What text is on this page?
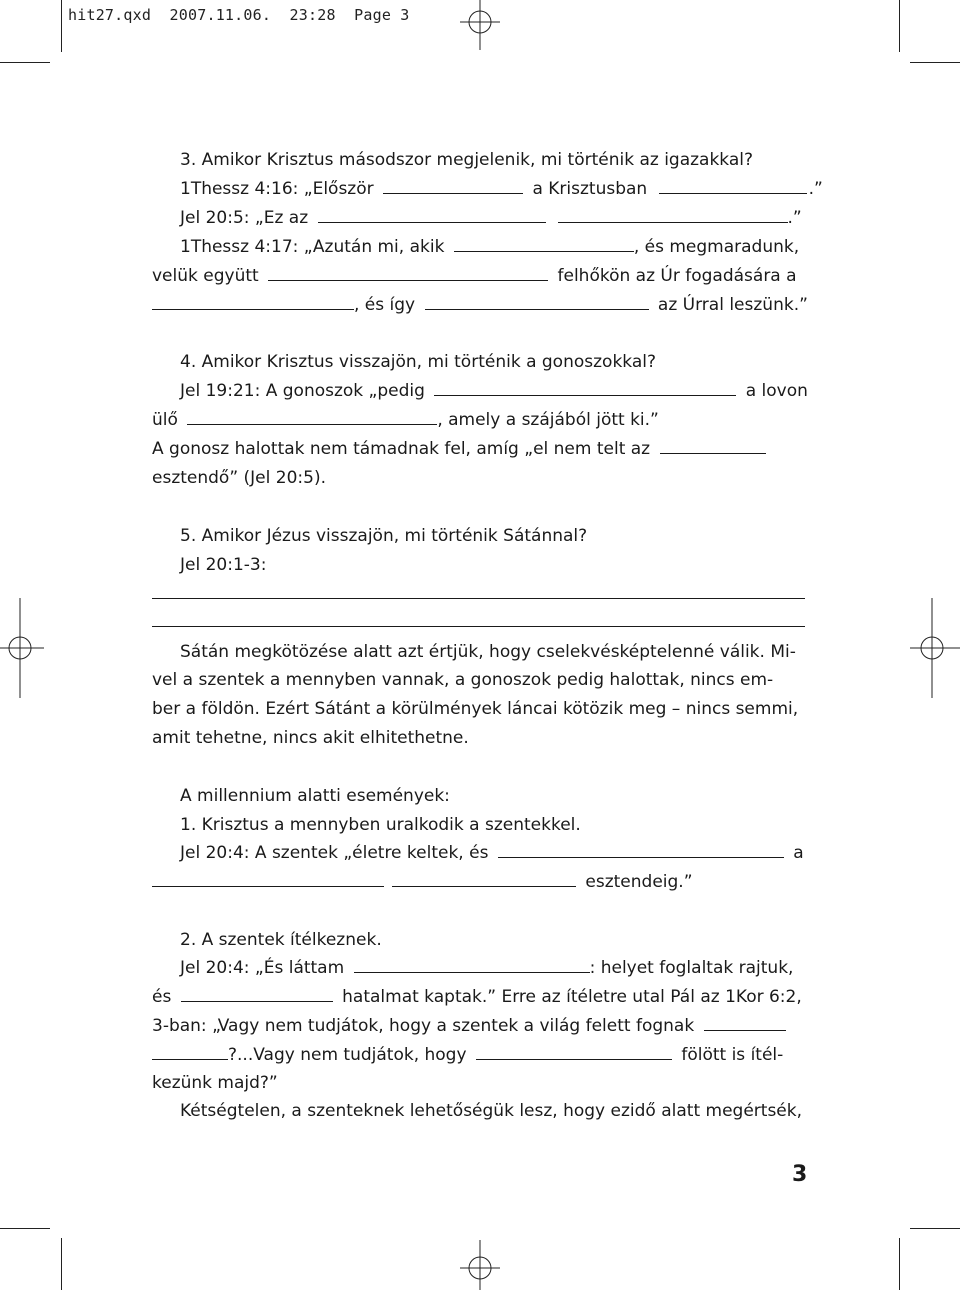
hit27.qxd  2007.11.06.  23:28  Page 3
3. Amikor Krisztus másodszor megjelenik, mi történik az igazakkal?
1Thessz 4:16: „Először	a Krisztusban	.”
Jel 20:5: „Ez az	.”
1Thessz 4:17: „Azután mi, akik	, és megmaradunk,
velük együtt	felhőkön az Úr fogadására a
, és így	az Úrral leszünk.”
4. Amikor Krisztus visszajön, mi történik a gonoszokkal?
Jel 19:21: A gonoszok „pedig	a lovon
ülő	, amely a szájából jött ki.”
A gonosz halottak nem támadnak fel, amíg „el nem telt az
esztendő” (Jel 20:5).
5. Amikor Jézus visszajön, mi történik Sátánnal?
Jel 20:1-3:
Sátán megkötözése alatt azt értjük, hogy cselekvésképtelenné válik. Mi-
vel a szentek a mennyben vannak, a gonoszok pedig halottak, nincs em-
ber a földön. Ezért Sátánt a körülmények láncai kötözik meg – nincs semmi,
amit tehetne, nincs akit elhitethetne.
A millennium alatti események:
1. Krisztus a mennyben uralkodik a szentekkel.
Jel 20:4: A szentek „életre keltek, és	a
esztendeig.”
2. A szentek ítélkeznek.
Jel 20:4: „És láttam	: helyet foglaltak rajtuk,
és	hatalmat kaptak.” Erre az ítéletre utal Pál az 1Kor 6:2,
3-ban: „Vagy nem tudjátok, hogy a szentek a világ felett fognak
?...Vagy nem tudjátok, hogy	fölött is ítél-
kezünk majd?”
Kétségtelen, a szenteknek lehetőségük lesz, hogy ezidő alatt megértsék,
3
